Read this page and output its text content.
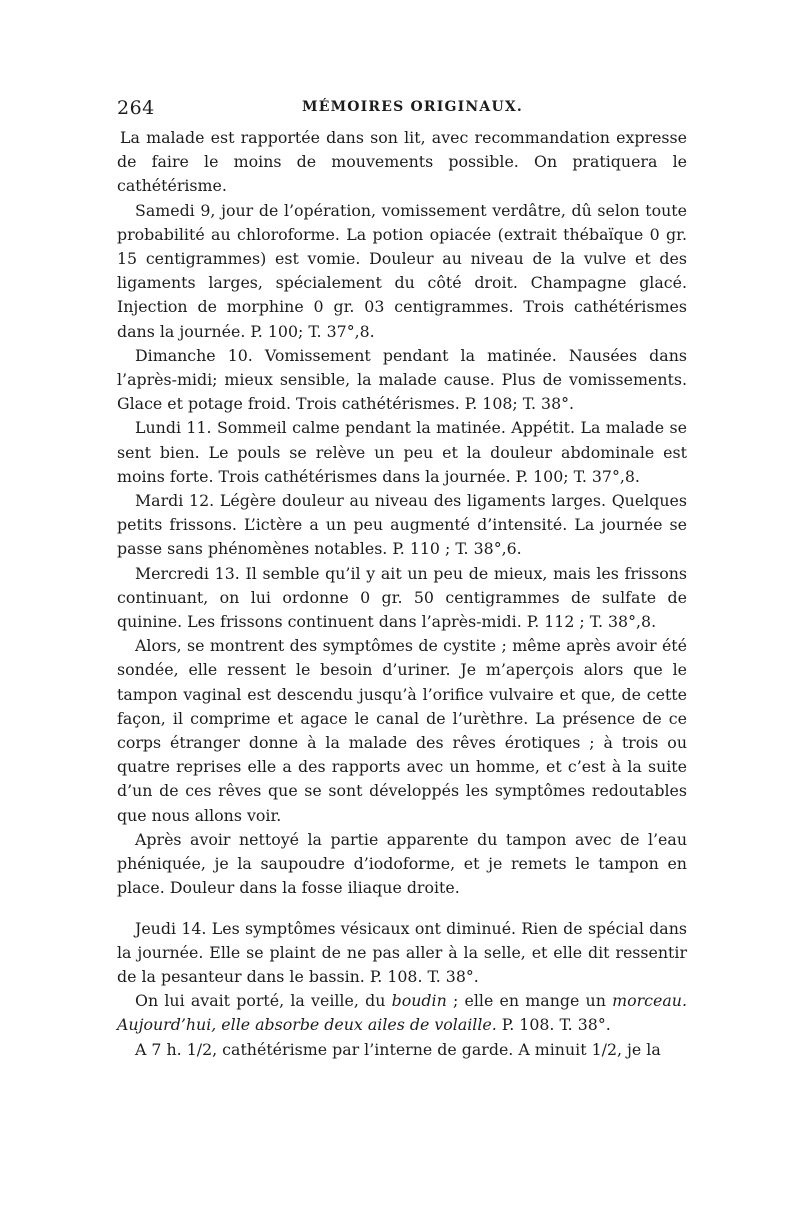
264	MÉMOIRES ORIGINAUX.

La malade est rapportée dans son lit, avec recommandation expresse de faire le moins de mouvements possible. On pratiquera le cathétérisme.

Samedi 9, jour de l’opération, vomissement verdâtre, dû selon toute probabilité au chloroforme. La potion opiacée (extrait thébaïque 0 gr. 15 centigrammes) est vomie. Douleur au niveau de la vulve et des ligaments larges, spécialement du côté droit. Champagne glacé. Injection de morphine 0 gr. 03 centigrammes. Trois cathétérismes dans la journée. P. 100; T. 37°,8.

Dimanche 10. Vomissement pendant la matinée. Nausées dans l’après-midi; mieux sensible, la malade cause. Plus de vomissements. Glace et potage froid. Trois cathétérismes. P. 108; T. 38°.

Lundi 11. Sommeil calme pendant la matinée. Appétit. La malade se sent bien. Le pouls se relève un peu et la douleur abdominale est moins forte. Trois cathétérismes dans la journée. P. 100; T. 37°,8.

Mardi 12. Légère douleur au niveau des ligaments larges. Quelques petits frissons. L’ictère a un peu augmenté d’intensité. La journée se passe sans phénomènes notables. P. 110 ; T. 38°,6.

Mercredi 13. Il semble qu’il y ait un peu de mieux, mais les frissons continuant, on lui ordonne 0 gr. 50 centigrammes de sulfate de quinine. Les frissons continuent dans l’après-midi. P. 112 ; T. 38°,8.

Alors, se montrent des symptômes de cystite ; même après avoir été sondée, elle ressent le besoin d’uriner. Je m’aperçois alors que le tampon vaginal est descendu jusqu’à l’orifice vulvaire et que, de cette façon, il comprime et agace le canal de l’urèthre. La présence de ce corps étranger donne à la malade des rêves érotiques ; à trois ou quatre reprises elle a des rapports avec un homme, et c’est à la suite d’un de ces rêves que se sont développés les symptômes redoutables que nous allons voir.

Après avoir nettoyé la partie apparente du tampon avec de l’eau phéniquée, je la saupoudre d’iodoforme, et je remets le tampon en place. Douleur dans la fosse iliaque droite.

Jeudi 14. Les symptômes vésicaux ont diminué. Rien de spécial dans la journée. Elle se plaint de ne pas aller à la selle, et elle dit ressentir de la pesanteur dans le bassin. P. 108. T. 38°.

On lui avait porté, la veille, du boudin ; elle en mange un morceau. Aujourd’hui, elle absorbe deux ailes de volaille. P. 108. T. 38°.

A 7 h. 1/2, cathétérisme par l’interne de garde. A minuit 1/2, je la
